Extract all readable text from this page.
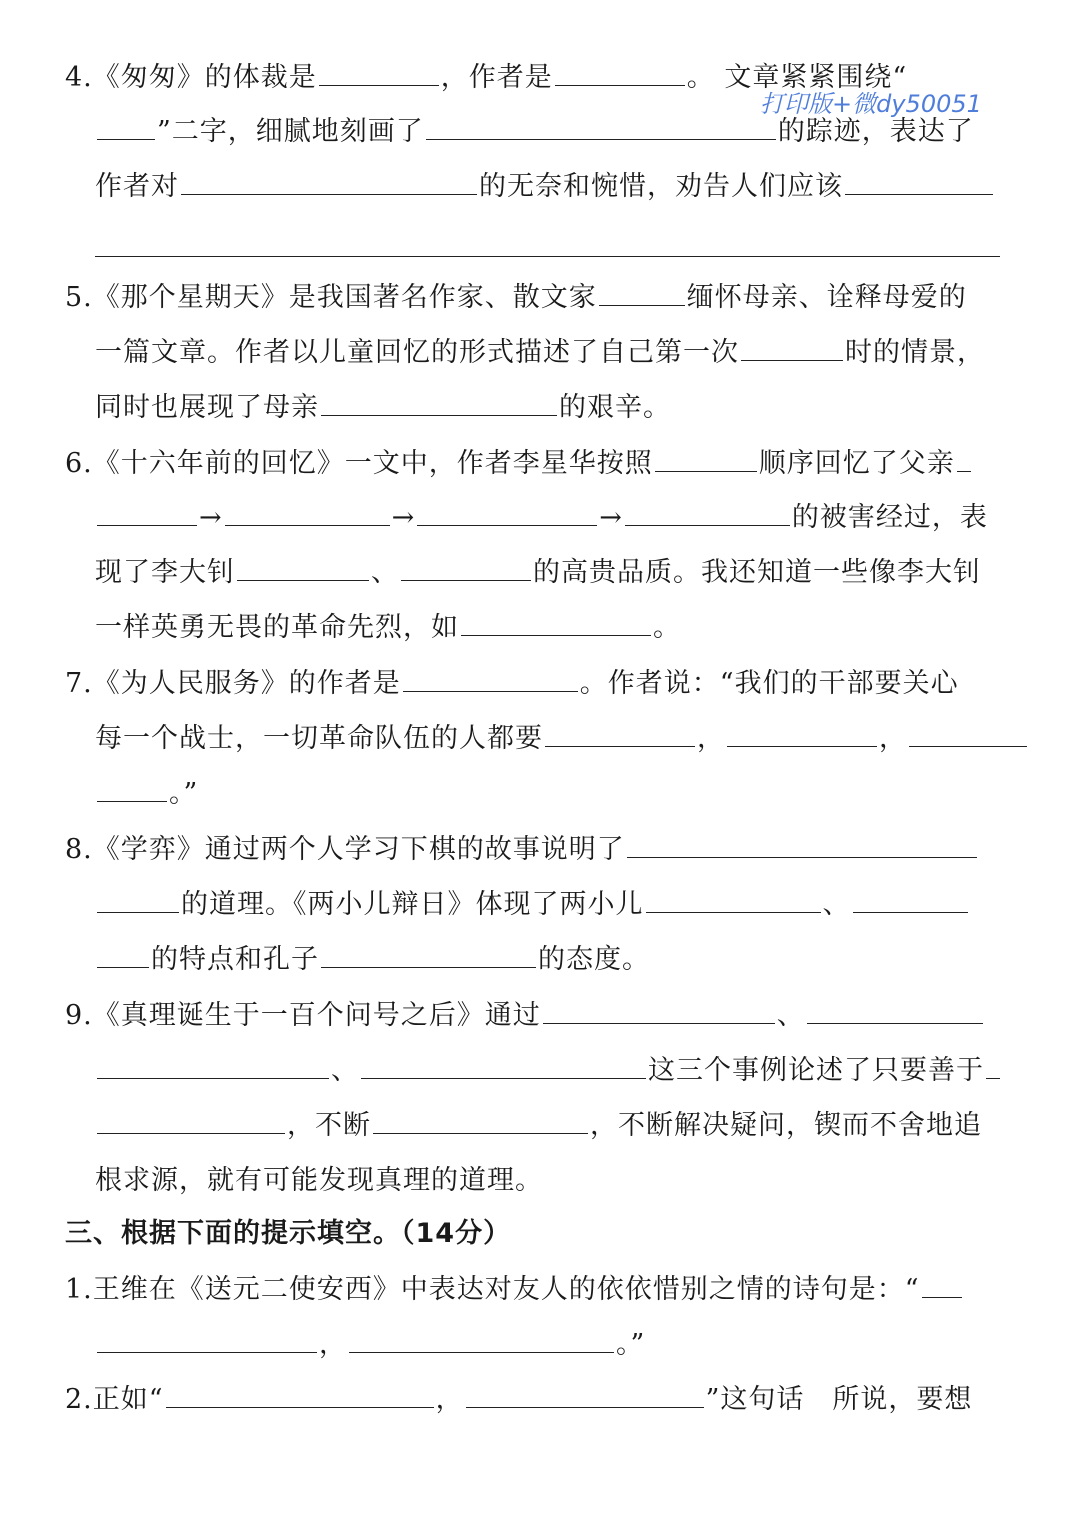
打印版+微dy50051
4.《匆匆》的体裁是	，作者是	。 文章紧紧围绕“
”二字，细腻地刻画了	的踪迹，表达了
作者对	的无奈和惋惜，劝告人们应该
5.《那个星期天》是我国著名作家、散文家	缅怀母亲、诠释母爱的
一篇文章。作者以儿童回忆的形式描述了自己第一次	时的情景，
同时也展现了母亲	的艰辛。
6.《十六年前的回忆》一文中，作者李星华按照	顺序回忆了父亲
→	→	→	的被害经过，表
现了李大钊	、	的高贵品质。我还知道一些像李大钊
一样英勇无畏的革命先烈，如	。
7.《为人民服务》的作者是	。作者说：“我们的干部要关心
每一个战士，一切革命队伍的人都要	，	，
。”
8.《学弈》通过两个人学习下棋的故事说明了
的道理。《两小儿辩日》体现了两小儿	、
的特点和孔子	的态度。
9.《真理诞生于一百个问号之后》通过	、
、	这三个事例论述了只要善于
，不断	，不断解决疑问，锲而不舍地追
根求源，就有可能发现真理的道理。
三、根据下面的提示填空。（14分）
1.王维在《送元二使安西》中表达对友人的依依惜别之情的诗句是：“
，	。”
2.正如“	，	”这句话　所说，要想
